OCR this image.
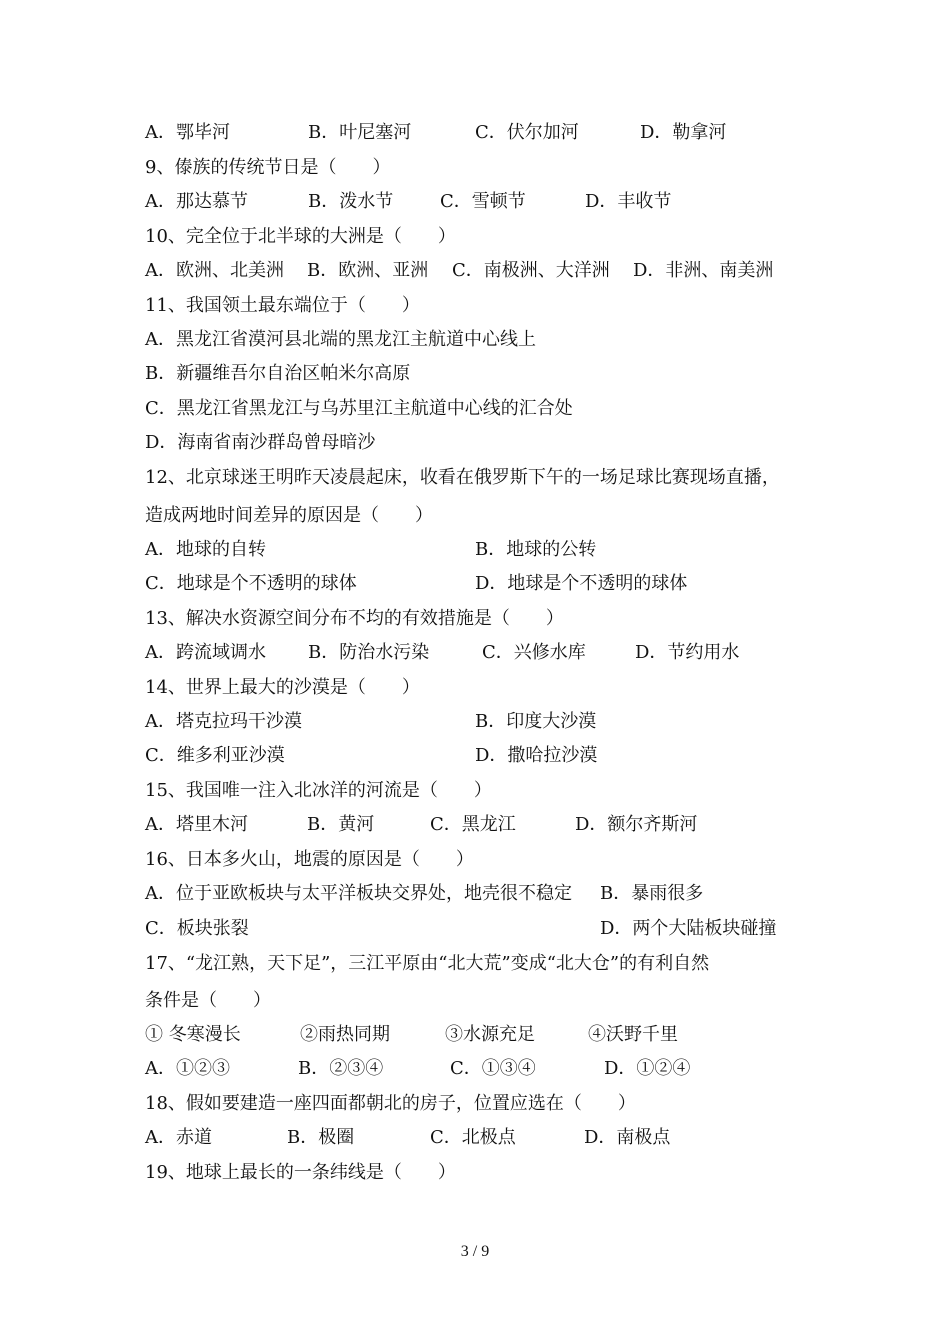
A．鄂毕河	B．叶尼塞河	C．伏尔加河	D．勒拿河
9、傣族的传统节日是（　　）
A．那达慕节	B．泼水节	C．雪顿节	D．丰收节
10、完全位于北半球的大洲是（　　）
A．欧洲、北美洲 B．欧洲、亚洲 C．南极洲、大洋洲 D．非洲、南美洲
11、我国领土最东端位于（　　）
A．黑龙江省漠河县北端的黑龙江主航道中心线上
B．新疆维吾尔自治区帕米尔高原
C．黑龙江省黑龙江与乌苏里江主航道中心线的汇合处
D．海南省南沙群岛曾母暗沙
12、北京球迷王明昨天凌晨起床，收看在俄罗斯下午的一场足球比赛现场直播，
造成两地时间差异的原因是（　　）
A．地球的自转	B．地球的公转
C．地球是个不透明的球体	D．地球是个不透明的球体
13、解决水资源空间分布不均的有效措施是（　　）
A．跨流域调水 B．防治水污染	C．兴修水库	D．节约用水
14、世界上最大的沙漠是（　　）
A．塔克拉玛干沙漠	B．印度大沙漠
C．维多利亚沙漠	D．撒哈拉沙漠
15、我国唯一注入北冰洋的河流是（　　）
A．塔里木河	B．黄河	C．黑龙江	D．额尔齐斯河
16、日本多火山，地震的原因是（　　）
A．位于亚欧板块与太平洋板块交界处，地壳很不稳定 B．暴雨很多
C．板块张裂	D．两个大陆板块碰撞
17、“龙江熟，天下足”，三江平原由“北大荒”变成“北大仓”的有利自然
条件是（　　）
① 冬寒漫长	②雨热同期	③水源充足	④沃野千里
A．①②③	B．②③④	C．①③④	D．①②④
18、假如要建造一座四面都朝北的房子，位置应选在（　　）
A．赤道	B．极圈	C．北极点	D．南极点
19、地球上最长的一条纬线是（　　）
3 / 9
